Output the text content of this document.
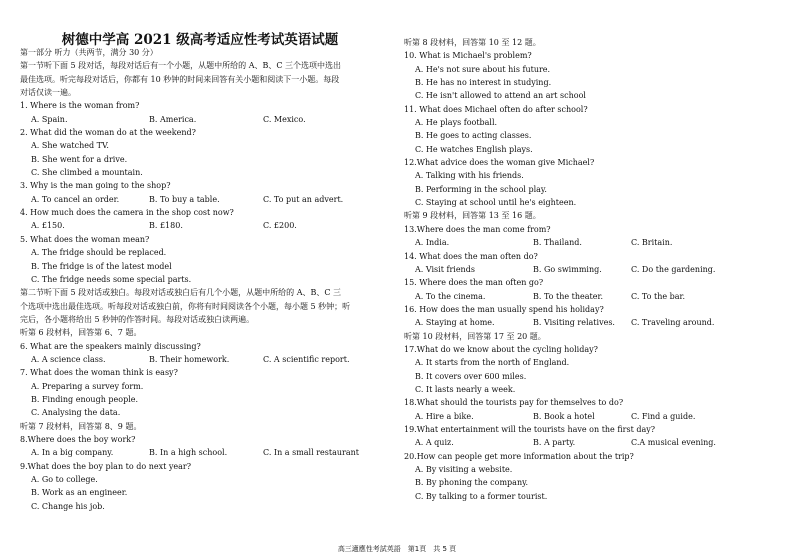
树德中学高 2021 级高考适应性考试英语试题
第一部分 听力（共两节，满分 30 分）
第一节听下面 5 段对话，每段对话后有一个小题，从题中所给的 A、B、C 三个选项中选出
最佳选项。听完每段对话后，你都有 10 秒钟的时间来回答有关小题和阅读下一小题。每段
对话仅读一遍。
1. Where is the woman from?
A. Spain.	B. America.	C. Mexico.
2. What did the woman do at the weekend?
A. She watched TV.
B. She went for a drive.
C. She climbed a mountain.
3. Why is the man going to the shop?
A. To cancel an order.	B. To buy a table.	C. To put an advert.
4. How much does the camera in the shop cost now?
A. £150.	B. £180.	C. £200.
5. What does the woman mean?
A. The fridge should be replaced.
B. The fridge is of the latest model
C. The fridge needs some special parts.
第二节听下面 5 段对话或独白。每段对话或独白后有几个小题，从题中所给的 A、B、C 三
个选项中选出最佳选项。听每段对话或独白前，你将有时间阅读各个小题，每小题 5 秒钟；听
完后，各小题将给出 5 秒钟的作答时间。每段对话或独白读两遍。
听第 6 段材料，回答第 6、7 题。
6. What are the speakers mainly discussing?
A. A science class.	B. Their homework.	C. A scientific report.
7. What does the woman think is easy?
A. Preparing a survey form.
B. Finding enough people.
C. Analysing the data.
听第 7 段材料，回答第 8、9 题。
8.Where does the boy work?
A. In a big company.	B. In a high school.	C. In a small restaurant
9.What does the boy plan to do next year?
A. Go to college.
B. Work as an engineer.
C. Change his job.
听第 8 段材料，回答第 10 至 12 题。
10. What is Michael's problem?
A. He's not sure about his future.
B. He has no interest in studying.
C. He isn't allowed to attend an art school
11. What does Michael often do after school?
A. He plays football.
B. He goes to acting classes.
C. He watches English plays.
12.What advice does the woman give Michael?
A. Talking with his friends.
B. Performing in the school play.
C. Staying at school until he's eighteen.
听第 9 段材料，回答第 13 至 16 题。
13.Where does the man come from?
A. India.	B. Thailand.	C. Britain.
14. What does the man often do?
A. Visit friends	B. Go swimming.	C. Do the gardening.
15. Where does the man often go?
A. To the cinema.	B. To the theater.	C. To the bar.
16. How does the man usually spend his holiday?
A. Staying at home.	B. Visiting relatives.	C. Traveling around.
听第 10 段材料，回答第 17 至 20 题。
17.What do we know about the cycling holiday?
A. It starts from the north of England.
B. It covers over 600 miles.
C. It lasts nearly a week.
18.What should the tourists pay for themselves to do?
A. Hire a bike.	B. Book a hotel	C. Find a guide.
19.What entertainment will the tourists have on the first day?
A. A quiz.	B. A party.	C.A musical evening.
20.How can people get more information about the trip?
A. By visiting a website.
B. By phoning the company.
C. By talking to a former tourist.
高三適應性考試英語　第1頁　共 5 頁
